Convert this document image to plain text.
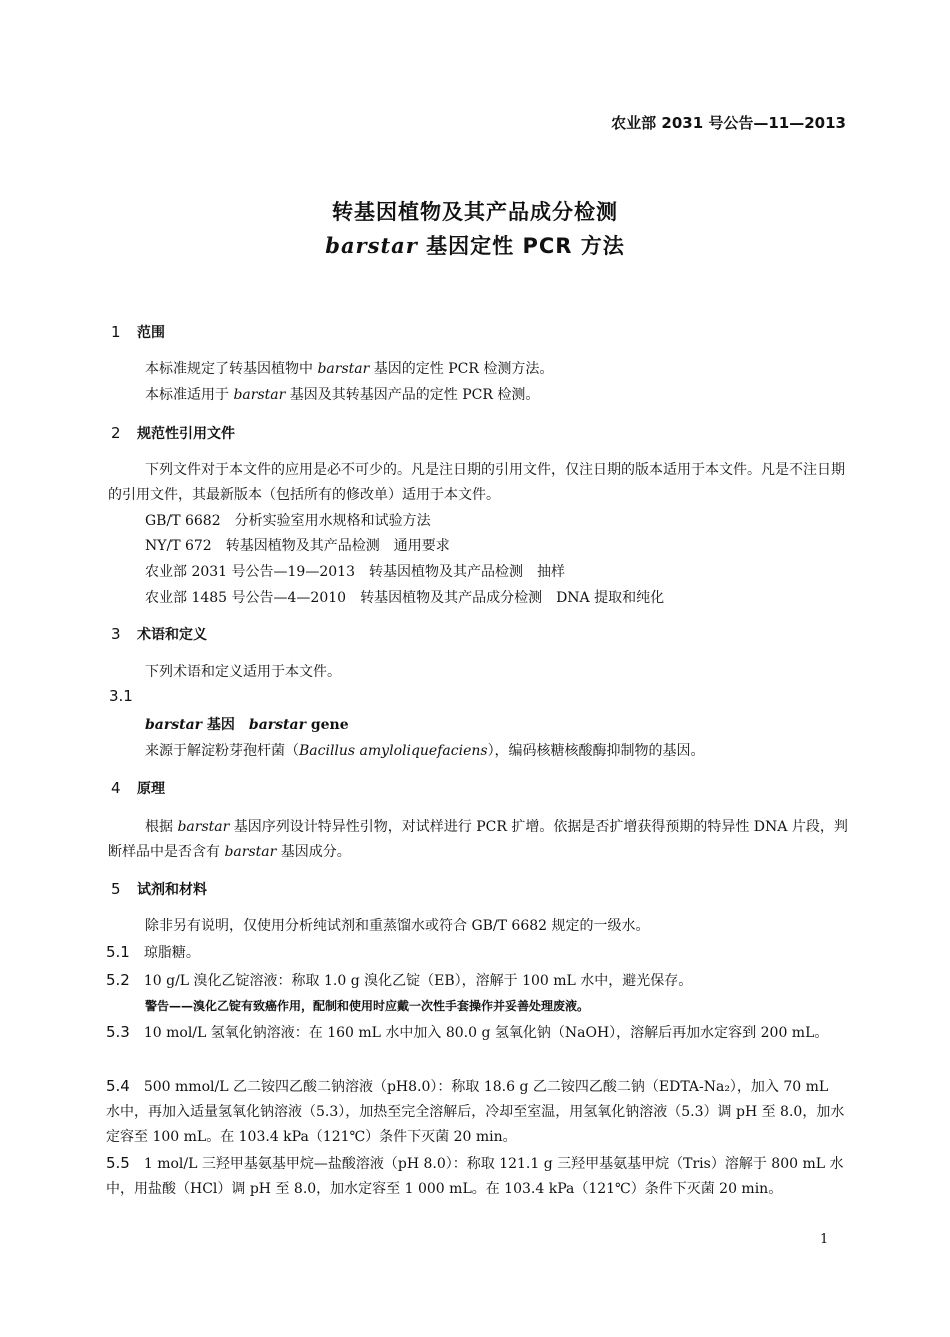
农业部 2031 号公告—11—2013
转基因植物及其产品成分检测
barstar 基因定性 PCR 方法
1 范围
本标准规定了转基因植物中 barstar 基因的定性 PCR 检测方法。
本标准适用于 barstar 基因及其转基因产品的定性 PCR 检测。
2 规范性引用文件
下列文件对于本文件的应用是必不可少的。凡是注日期的引用文件，仅注日期的版本适用于本文件。凡是不注日期的引用文件，其最新版本（包括所有的修改单）适用于本文件。
GB/T 6682　分析实验室用水规格和试验方法
NY/T 672　转基因植物及其产品检测　通用要求
农业部 2031 号公告—19—2013　转基因植物及其产品检测　抽样
农业部 1485 号公告—4—2010　转基因植物及其产品成分检测　DNA 提取和纯化
3 术语和定义
下列术语和定义适用于本文件。
3.1
barstar 基因　barstar gene
来源于解淀粉芽孢杆菌（Bacillus amyloliquefaciens），编码核糖核酸酶抑制物的基因。
4 原理
根据 barstar 基因序列设计特异性引物，对试样进行 PCR 扩增。依据是否扩增获得预期的特异性 DNA 片段，判断样品中是否含有 barstar 基因成分。
5 试剂和材料
除非另有说明，仅使用分析纯试剂和重蒸馏水或符合 GB/T 6682 规定的一级水。
5.1 琼脂糖。
5.2 10 g/L 溴化乙锭溶液：称取 1.0 g 溴化乙锭（EB），溶解于 100 mL 水中，避光保存。
警告——溴化乙锭有致癌作用，配制和使用时应戴一次性手套操作并妥善处理废液。
5.3 10 mol/L 氢氧化钠溶液：在 160 mL 水中加入 80.0 g 氢氧化钠（NaOH），溶解后再加水定容到 200 mL。
5.4 500 mmol/L 乙二铵四乙酸二钠溶液（pH8.0）：称取 18.6 g 乙二铵四乙酸二钠（EDTA-Na₂），加入 70 mL 水中，再加入适量氢氧化钠溶液（5.3），加热至完全溶解后，冷却至室温，用氢氧化钠溶液（5.3）调 pH 至 8.0，加水定容至 100 mL。在 103.4 kPa（121℃）条件下灭菌 20 min。
5.5 1 mol/L 三羟甲基氨基甲烷—盐酸溶液（pH 8.0）：称取 121.1 g 三羟甲基氨基甲烷（Tris）溶解于 800 mL 水中，用盐酸（HCl）调 pH 至 8.0，加水定容至 1 000 mL。在 103.4 kPa（121℃）条件下灭菌 20 min。
1
